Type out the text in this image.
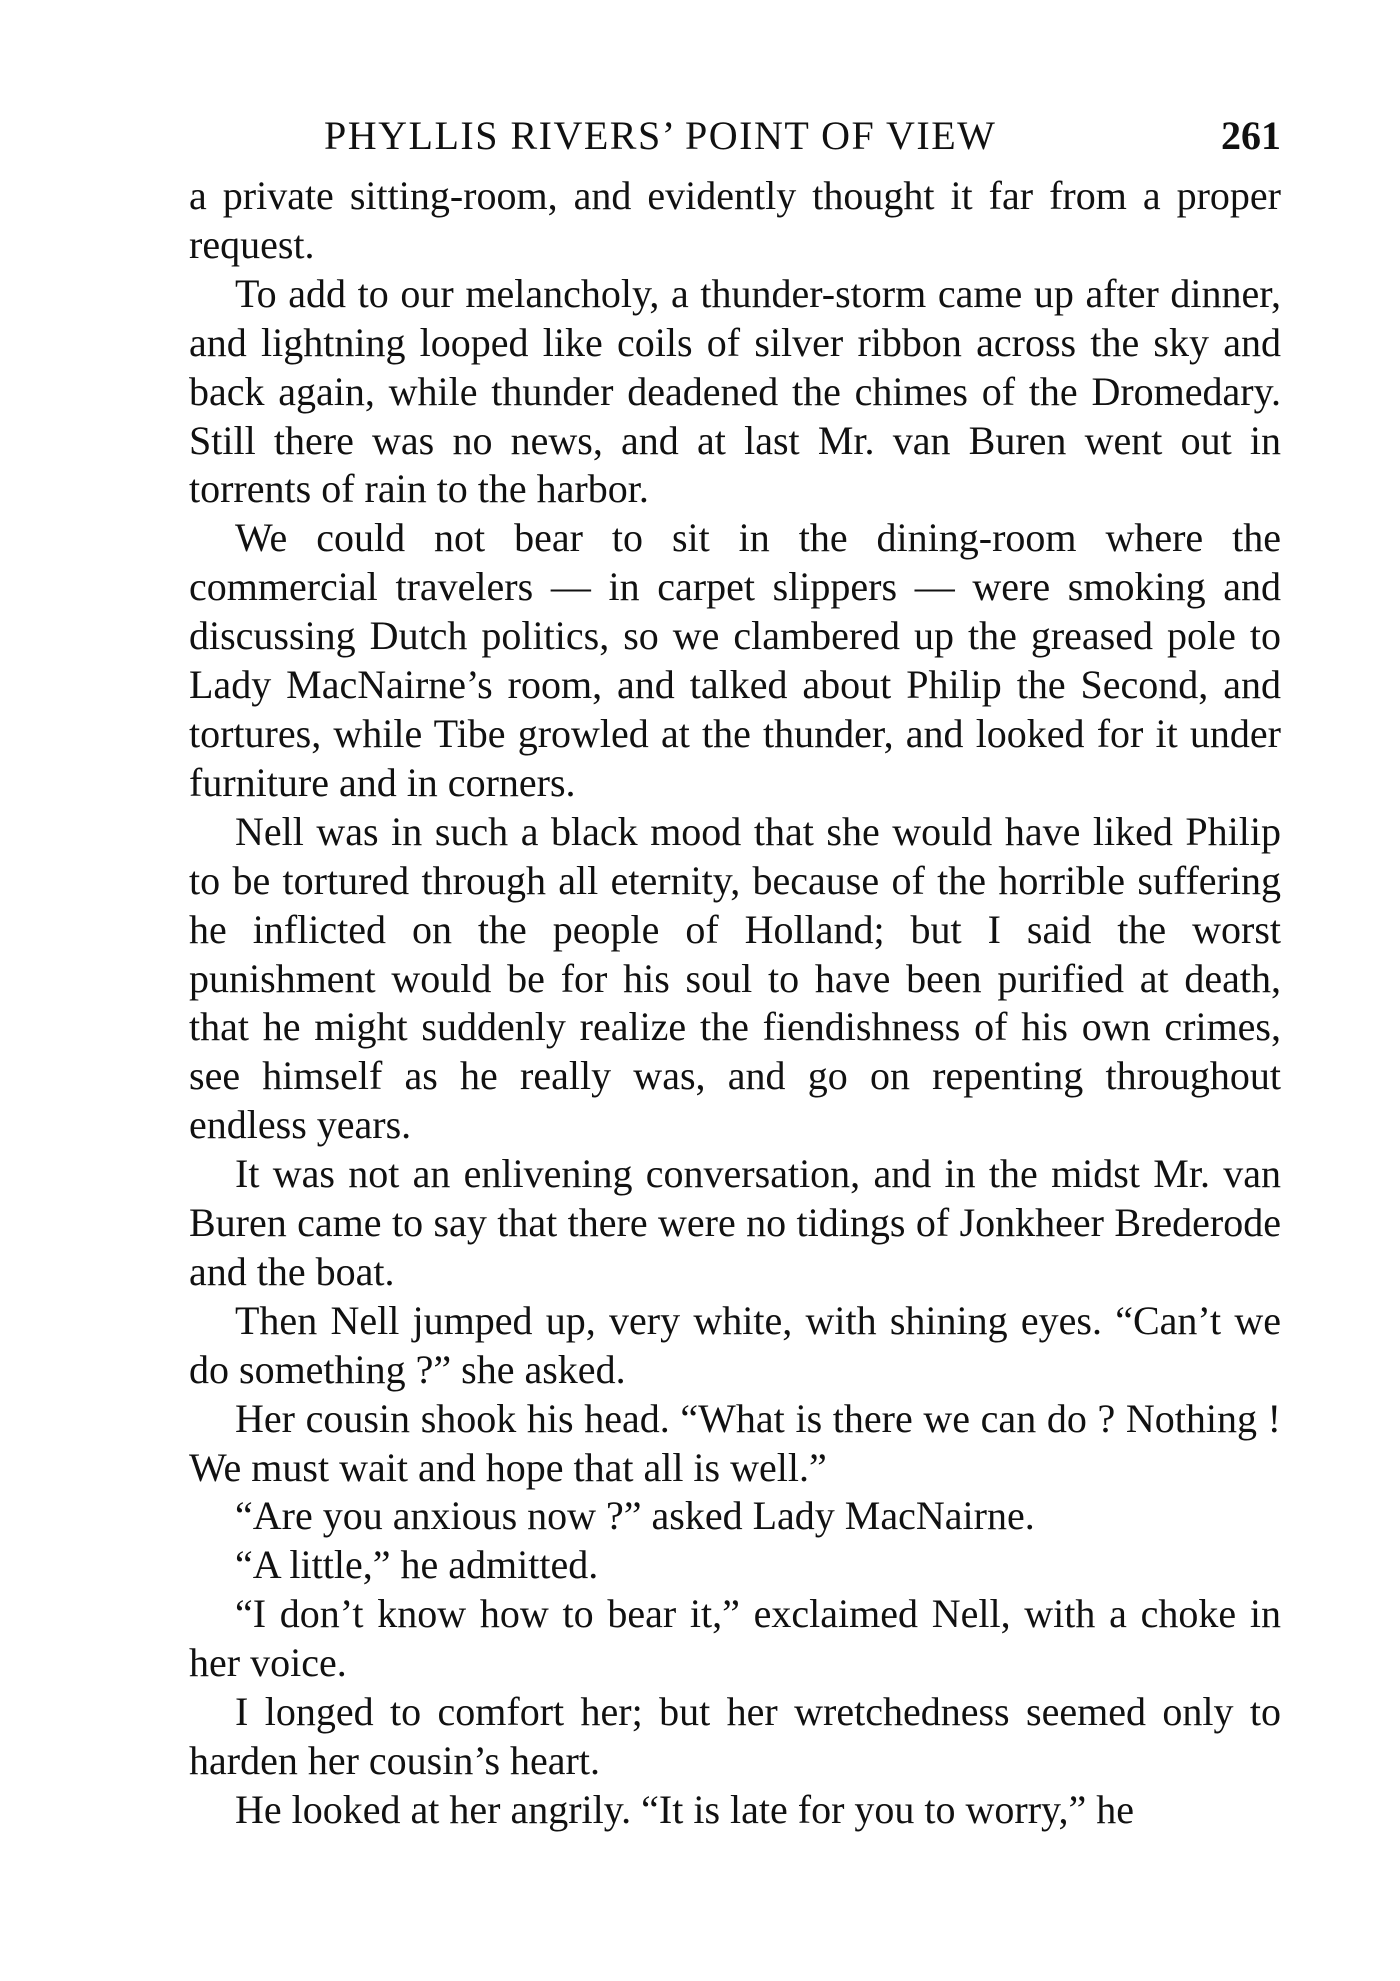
PHYLLIS RIVERS’ POINT OF VIEW	261

a private sitting-room, and evidently thought it far from a proper request.

To add to our melancholy, a thunder-storm came up after dinner, and lightning looped like coils of silver ribbon across the sky and back again, while thunder deadened the chimes of the Dromedary. Still there was no news, and at last Mr. van Buren went out in torrents of rain to the harbor.

We could not bear to sit in the dining-room where the commercial travelers — in carpet slippers — were smoking and discussing Dutch politics, so we clambered up the greased pole to Lady MacNairne’s room, and talked about Philip the Second, and tortures, while Tibe growled at the thunder, and looked for it under furniture and in corners.

Nell was in such a black mood that she would have liked Philip to be tortured through all eternity, because of the horrible suffering he inflicted on the people of Holland; but I said the worst punishment would be for his soul to have been purified at death, that he might suddenly realize the fiendishness of his own crimes, see himself as he really was, and go on repenting throughout endless years.

It was not an enlivening conversation, and in the midst Mr. van Buren came to say that there were no tidings of Jonkheer Brederode and the boat.

Then Nell jumped up, very white, with shining eyes. “Can’t we do something ?” she asked.

Her cousin shook his head. “What is there we can do ? Nothing ! We must wait and hope that all is well.”

“Are you anxious now ?” asked Lady MacNairne.

“A little,” he admitted.

“I don’t know how to bear it,” exclaimed Nell, with a choke in her voice.

I longed to comfort her; but her wretchedness seemed only to harden her cousin’s heart.

He looked at her angrily. “It is late for you to worry,” he
